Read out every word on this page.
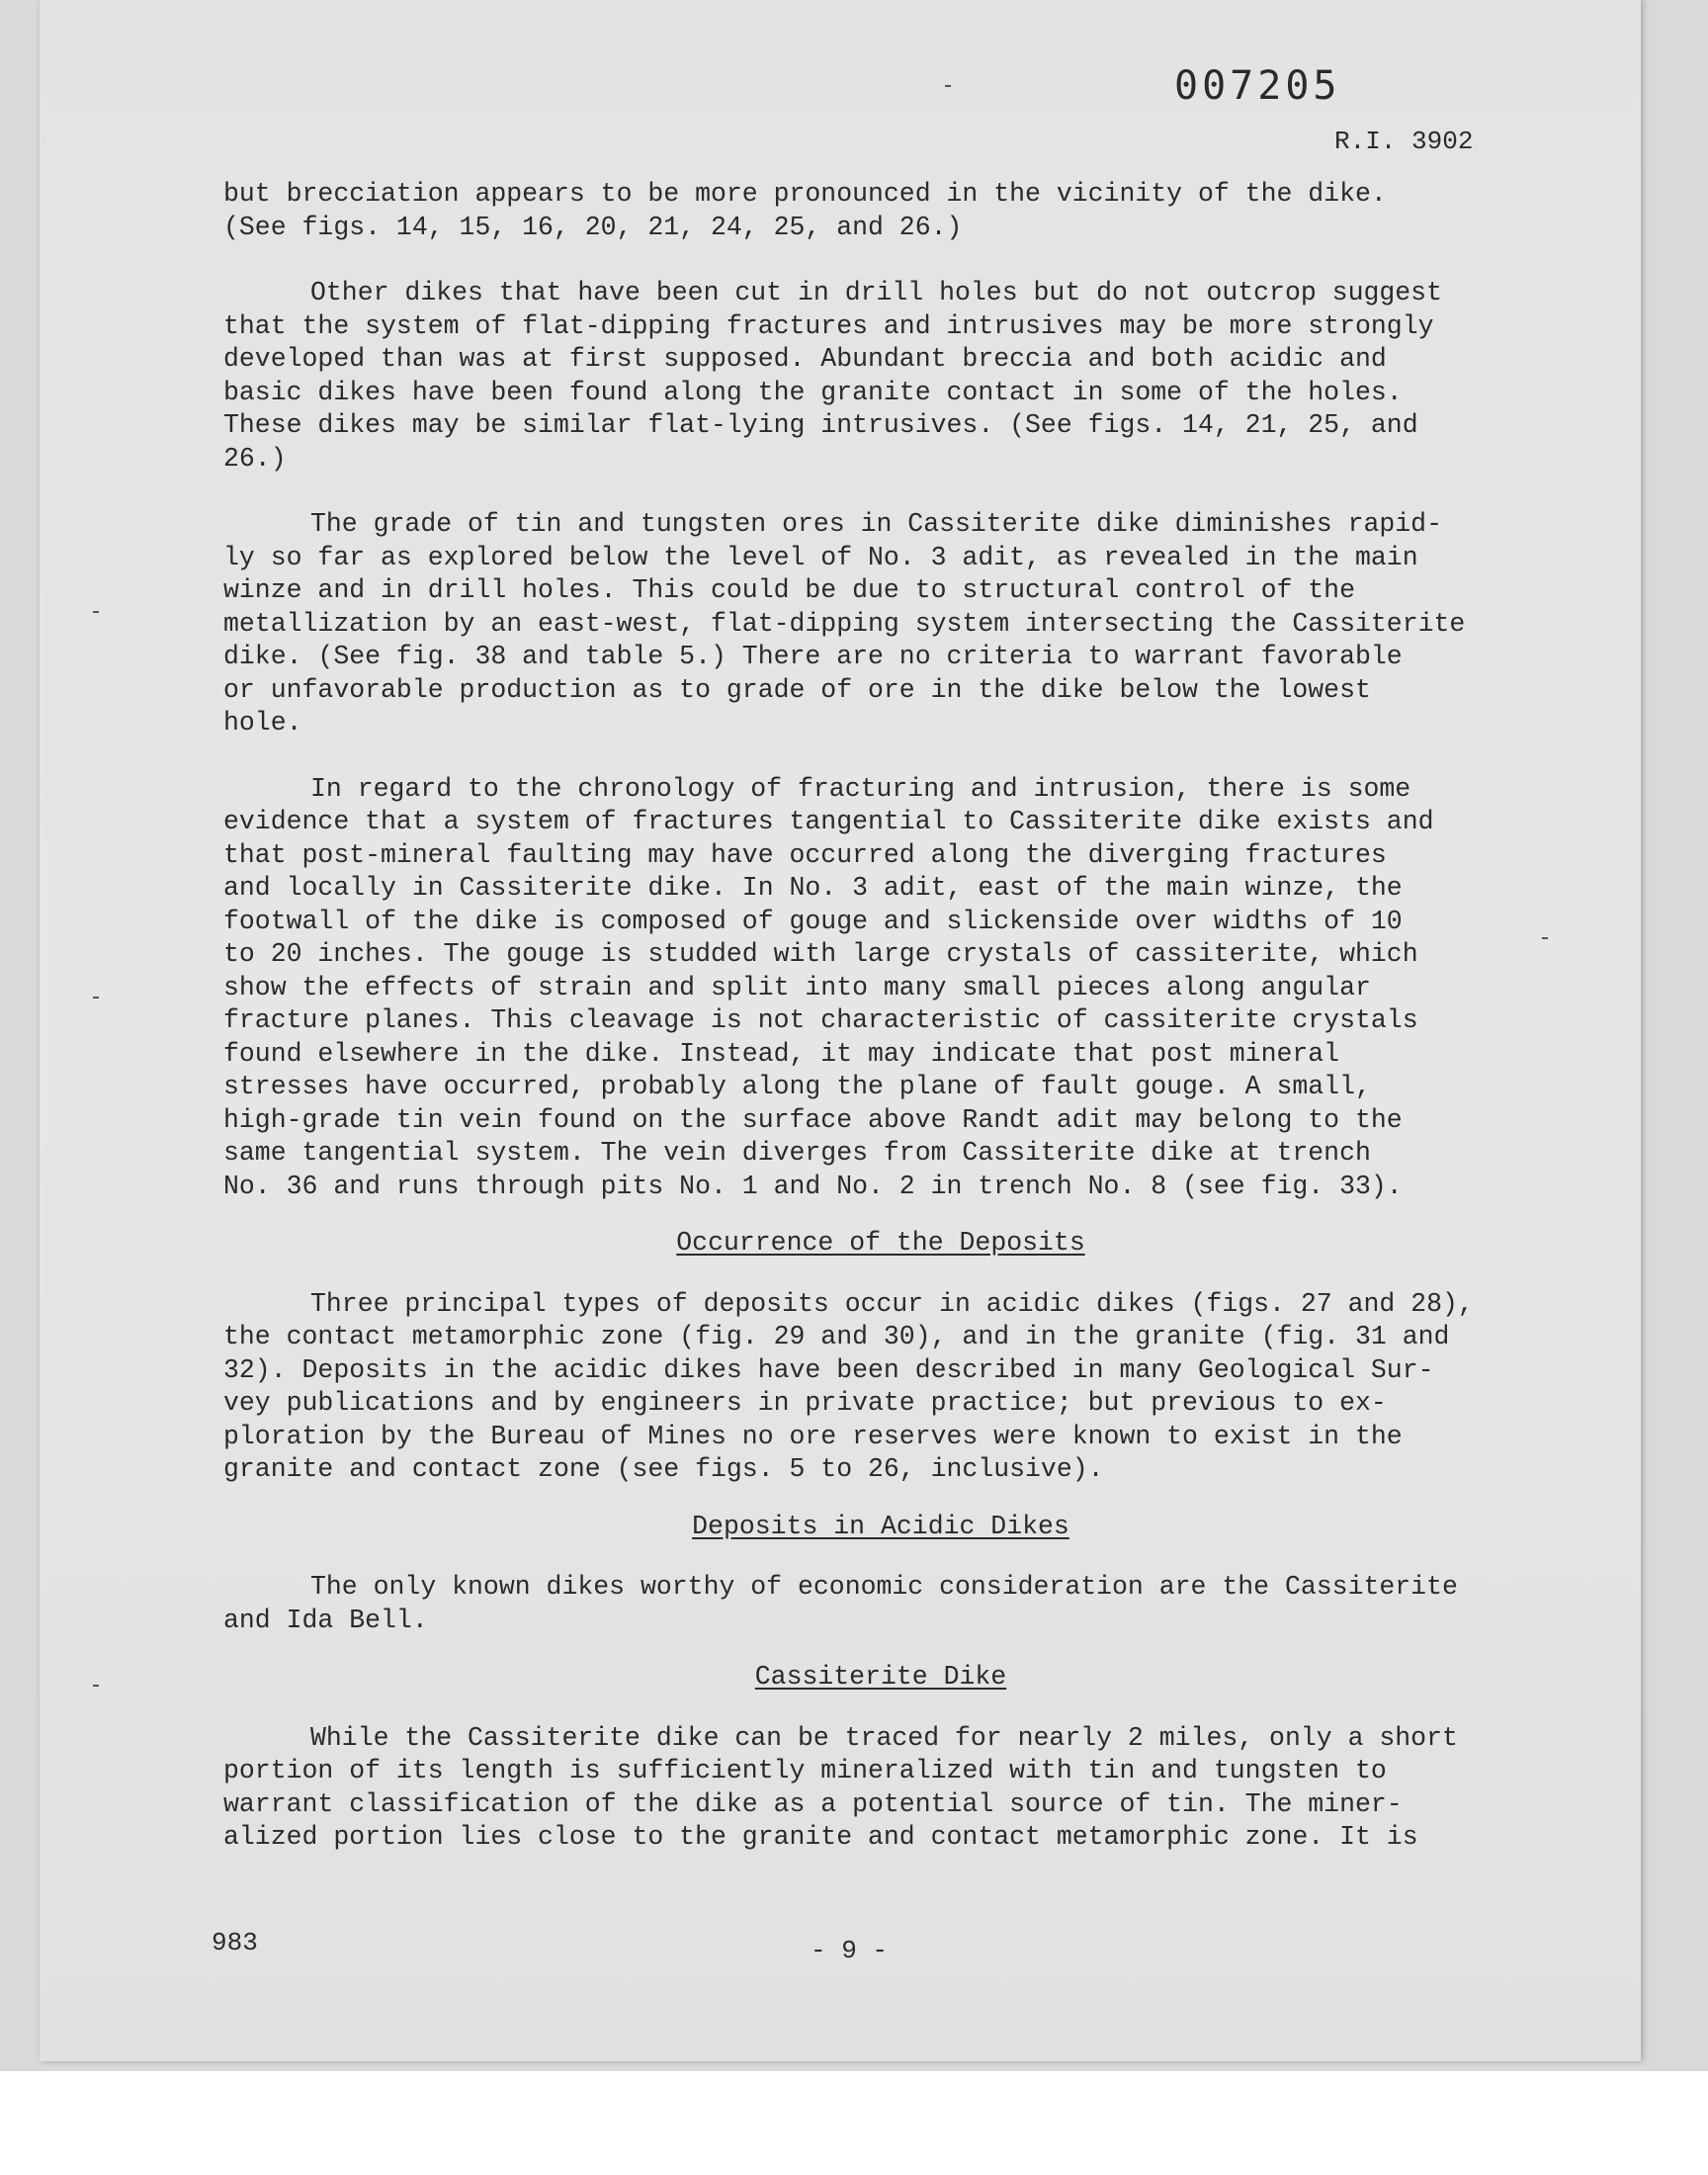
007205
R.I. 3902

but brecciation appears to be more pronounced in the vicinity of the dike.
(See figs. 14, 15, 16, 20, 21, 24, 25, and 26.)

Other dikes that have been cut in drill holes but do not outcrop suggest
that the system of flat-dipping fractures and intrusives may be more strongly
developed than was at first supposed. Abundant breccia and both acidic and
basic dikes have been found along the granite contact in some of the holes.
These dikes may be similar flat-lying intrusives. (See figs. 14, 21, 25, and
26.)

The grade of tin and tungsten ores in Cassiterite dike diminishes rapid-
ly so far as explored below the level of No. 3 adit, as revealed in the main
winze and in drill holes. This could be due to structural control of the
metallization by an east-west, flat-dipping system intersecting the Cassiterite
dike. (See fig. 38 and table 5.) There are no criteria to warrant favorable
or unfavorable production as to grade of ore in the dike below the lowest
hole.

In regard to the chronology of fracturing and intrusion, there is some
evidence that a system of fractures tangential to Cassiterite dike exists and
that post-mineral faulting may have occurred along the diverging fractures
and locally in Cassiterite dike. In No. 3 adit, east of the main winze, the
footwall of the dike is composed of gouge and slickenside over widths of 10
to 20 inches. The gouge is studded with large crystals of cassiterite, which
show the effects of strain and split into many small pieces along angular
fracture planes. This cleavage is not characteristic of cassiterite crystals
found elsewhere in the dike. Instead, it may indicate that post mineral
stresses have occurred, probably along the plane of fault gouge. A small,
high-grade tin vein found on the surface above Randt adit may belong to the
same tangential system. The vein diverges from Cassiterite dike at trench
No. 36 and runs through pits No. 1 and No. 2 in trench No. 8 (see fig. 33).

Occurrence of the Deposits

Three principal types of deposits occur in acidic dikes (figs. 27 and 28),
the contact metamorphic zone (fig. 29 and 30), and in the granite (fig. 31 and
32). Deposits in the acidic dikes have been described in many Geological Sur-
vey publications and by engineers in private practice; but previous to ex-
ploration by the Bureau of Mines no ore reserves were known to exist in the
granite and contact zone (see figs. 5 to 26, inclusive).

Deposits in Acidic Dikes

The only known dikes worthy of economic consideration are the Cassiterite
and Ida Bell.

Cassiterite Dike

While the Cassiterite dike can be traced for nearly 2 miles, only a short
portion of its length is sufficiently mineralized with tin and tungsten to
warrant classification of the dike as a potential source of tin. The miner-
alized portion lies close to the granite and contact metamorphic zone. It is

983	- 9 -
